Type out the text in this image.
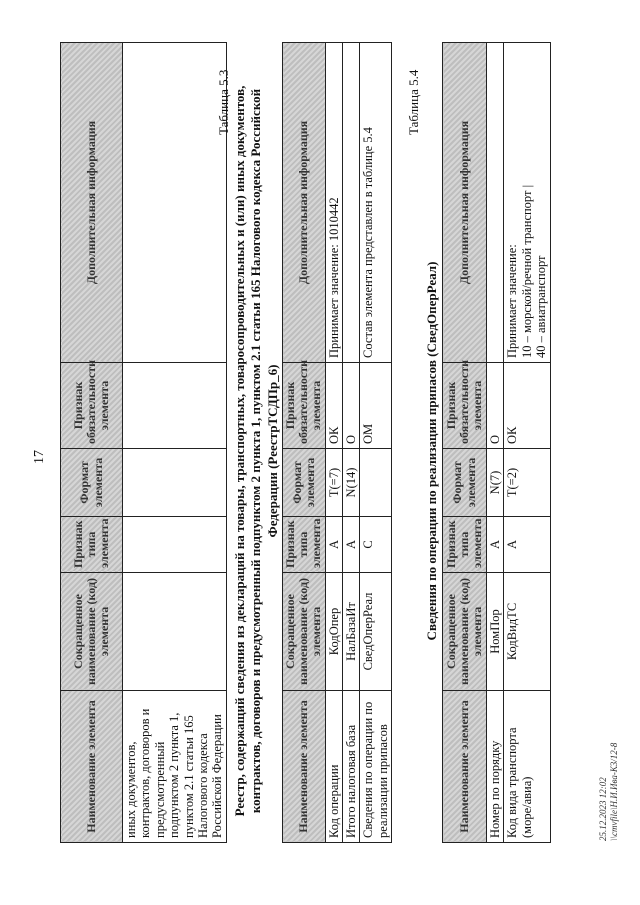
Наименование элемента	Сокращенное наименование (код) элемента	Признак типа элемента	Формат элемента	Признак обязательности элемента	Дополнительная информация
иных документов, контрактов, договоров и предусмотренный подпунктом 2 пункта 1, пунктом 2.1 статьи 165 Налогового кодекса Российской Федерации					
17
Таблица 5.3 Реестр, содержащий сведения из деклараций на товары, транспортных, товаросопроводительных и (или) иных документов, контрактов, договоров и предусмотренный подпунктом 2 пункта 1, пунктом 2.1 статьи 165 Налогового кодекса Российской Федерации (РеестрТСДПр_6)
Наименование элемента	Сокращенное наименование (код) элемента	Признак типа элемента	Формат элемента	Признак обязательности элемента	Дополнительная информация
Код операции	КодОпер	А	T(=7)	ОК	Принимает значение: 1010442
Итого налоговая база	НалБазаИт	А	N(14)	О	
Сведения по операции по реализации припасов	СведОперРеал	С		ОМ	Состав элемента представлен в таблице 5.4
Таблица 5.4
Сведения по операции по реализации припасов (СведОперРеал)
Наименование элемента	Сокращенное наименование (код) элемента	Признак типа элемента	Формат элемента	Признак обязательности элемента	Дополнительная информация
Номер по порядку	НомПор	А	N(7)	О	
Код вида транспорта (море/авиа)	КодВидТС	А	T(=2)	ОК	Принимает значение: 10 – морской/речной транспорт | 40 – авиатранспорт
25.12.2023 12:02 \\cmvfile\Н.И.Ива-К3/12-8
